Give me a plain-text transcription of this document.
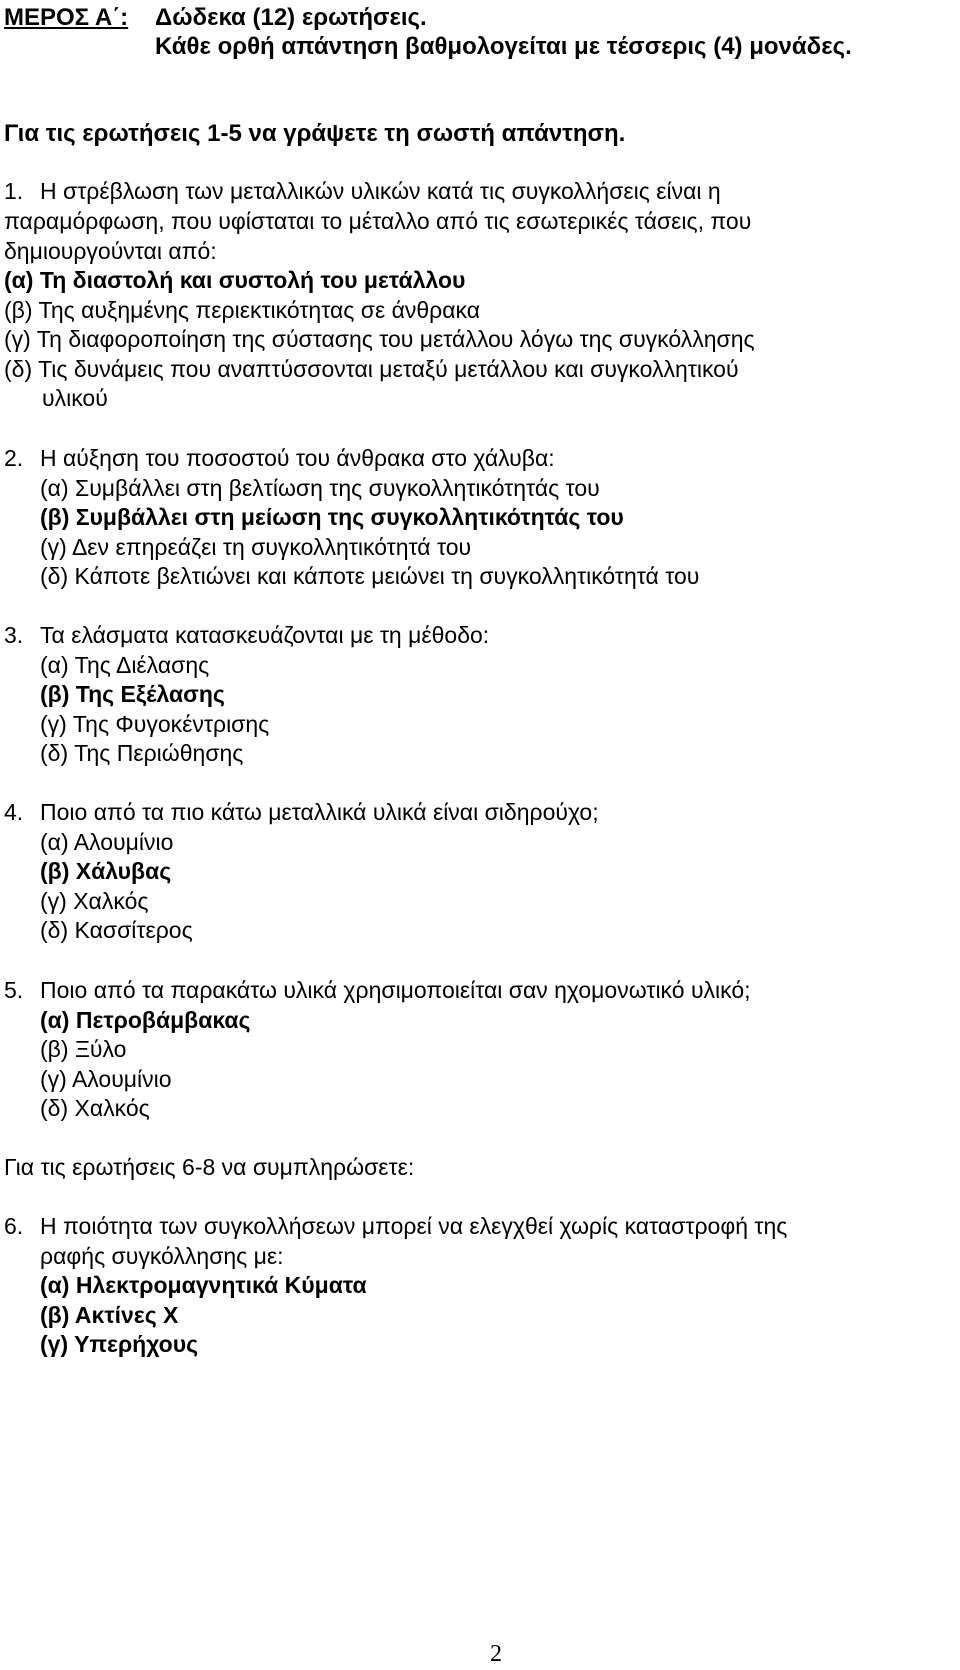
ΜΕΡΟΣ Α΄: Δώδεκα (12) ερωτήσεις.
Κάθε ορθή απάντηση βαθμολογείται με τέσσερις (4) μονάδες.
Για τις ερωτήσεις 1-5 να γράψετε τη σωστή απάντηση.
1. Η στρέβλωση των μεταλλικών υλικών κατά τις συγκολλήσεις είναι η
παραμόρφωση, που υφίσταται το μέταλλο από τις εσωτερικές τάσεις, που
δημιουργούνται από:
(α) Τη διαστολή και συστολή του μετάλλου
(β) Της αυξημένης περιεκτικότητας σε άνθρακα
(γ) Τη διαφοροποίηση της σύστασης του μετάλλου λόγω της συγκόλλησης
(δ) Τις δυνάμεις που αναπτύσσονται μεταξύ μετάλλου και συγκολλητικού
υλικού
2. Η αύξηση του ποσοστού του άνθρακα στο χάλυβα:
(α) Συμβάλλει στη βελτίωση της συγκολλητικότητάς του
(β) Συμβάλλει στη μείωση της συγκολλητικότητάς του
(γ) Δεν επηρεάζει τη συγκολλητικότητά του
(δ) Κάποτε βελτιώνει και κάποτε μειώνει τη συγκολλητικότητά του
3. Τα ελάσματα κατασκευάζονται με τη μέθοδο:
(α) Της Διέλασης
(β) Της Εξέλασης
(γ) Της Φυγοκέντρισης
(δ) Της Περιώθησης
4. Ποιο από τα πιο κάτω μεταλλικά υλικά είναι σιδηρούχο;
(α) Αλουμίνιο
(β) Χάλυβας
(γ) Χαλκός
(δ) Κασσίτερος
5. Ποιο από τα παρακάτω υλικά χρησιμοποιείται σαν ηχομονωτικό υλικό;
(α) Πετροβάμβακας
(β) Ξύλο
(γ) Αλουμίνιο
(δ) Χαλκός
Για τις ερωτήσεις 6-8 να συμπληρώσετε:
6. Η ποιότητα των συγκολλήσεων μπορεί να ελεγχθεί χωρίς καταστροφή της
ραφής συγκόλλησης με:
(α) Ηλεκτρομαγνητικά Κύματα
(β) Ακτίνες Χ
(γ) Υπερήχους
2
